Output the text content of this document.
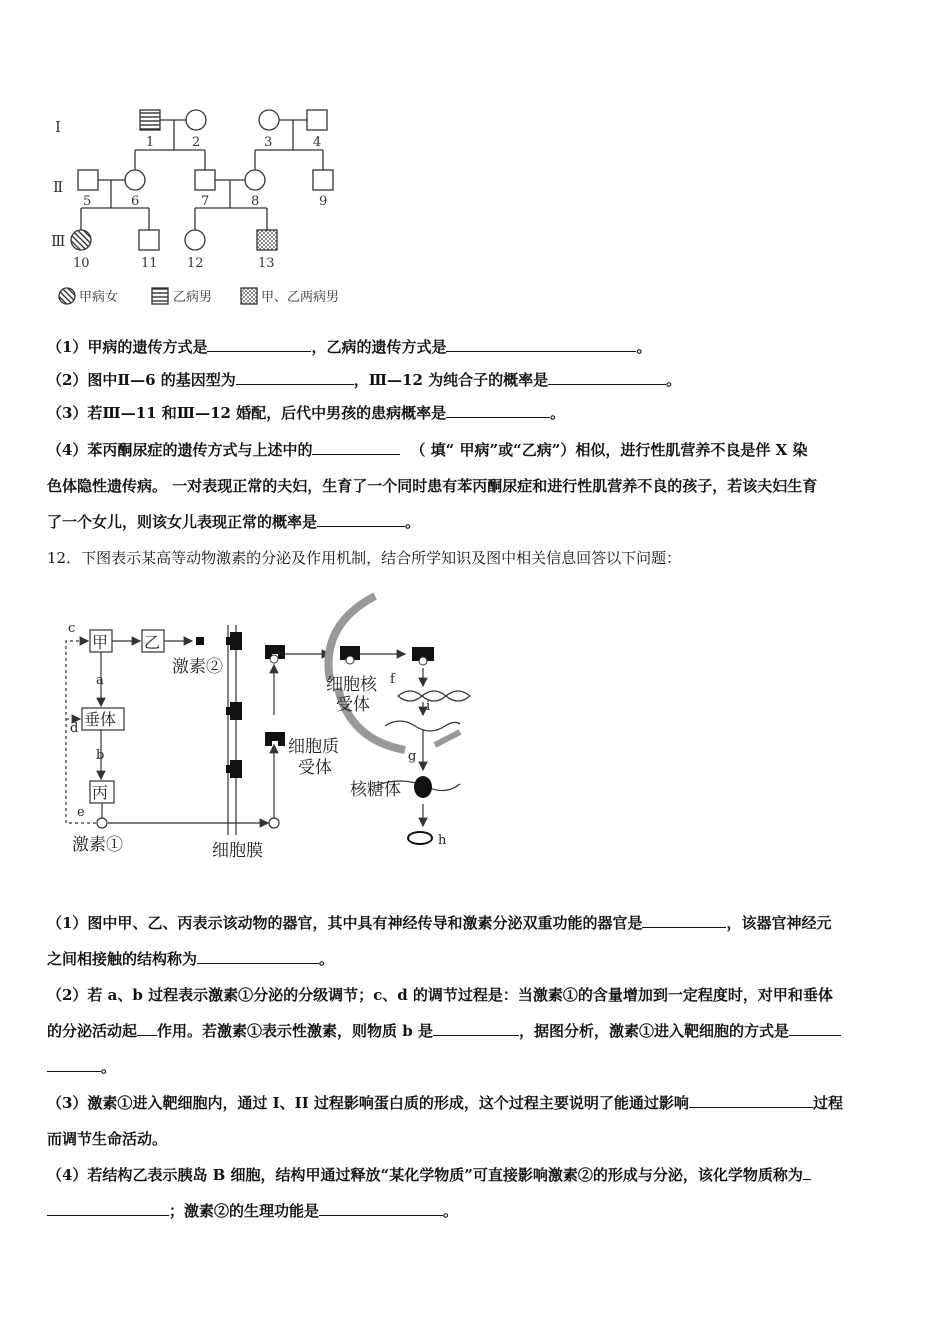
I
Ⅱ
Ⅲ
1	2	3	4
5	6	7	8	9
10	11 12	13
甲病女	乙病男	甲、乙两病男
（1）甲病的遗传方式是	，乙病的遗传方式是	。
（2）图中Ⅱ—6 的基因型为	，Ⅲ—12 为纯合子的概率是	。
（3）若Ⅲ—11 和Ⅲ—12 婚配，后代中男孩的患病概率是	。
（4）苯丙酮尿症的遗传方式与上述中的	（ 填“ 甲病”或“乙病”）相似，进行性肌营养不良是伴 X 染
色体隐性遗传病。 一对表现正常的夫妇，生育了一个同时患有苯丙酮尿症和进行性肌营养不良的孩子，若该夫妇生育
了一个女儿，则该女儿表现正常的概率是	。
12．下图表示某高等动物激素的分泌及作用机制，结合所学知识及图中相关信息回答以下问题：
甲 乙
垂体
丙
激素②
激素①	细胞膜
细胞质
受体
细胞核
受体
核糖体
a
b
c
d
e
f
g
h
i
（1）图中甲、乙、丙表示该动物的器官，其中具有神经传导和激素分泌双重功能的器官是	，该器官神经元
之间相接触的结构称为	。
（2）若 a、b 过程表示激素①分泌的分级调节；c、d 的调节过程是：当激素①的含量增加到一定程度时，对甲和垂体
的分泌活动起 作用。若激素①表示性激素，则物质 b 是	，据图分析，激素①进入靶细胞的方式是
。
（3）激素①进入靶细胞内，通过 I、II 过程影响蛋白质的形成，这个过程主要说明了能通过影响	过程
而调节生命活动。
（4）若结构乙表示胰岛 B 细胞，结构甲通过释放“某化学物质”可直接影响激素②的形成与分泌，该化学物质称为
；激素②的生理功能是	。
